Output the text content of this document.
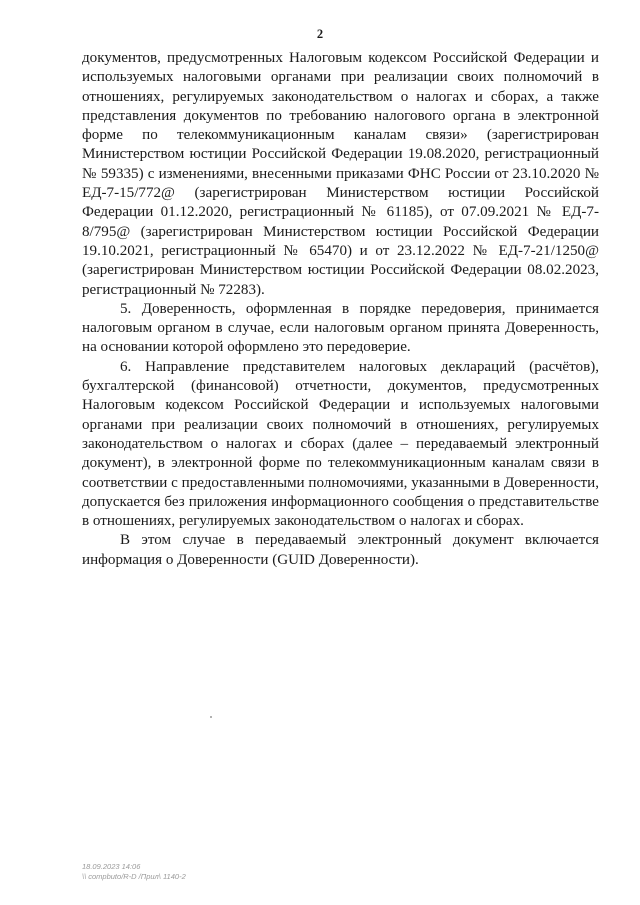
2

документов, предусмотренных Налоговым кодексом Российской Федерации и используемых налоговыми органами при реализации своих полномочий в отношениях, регулируемых законодательством о налогах и сборах, а также представления документов по требованию налогового органа в электронной форме по телекоммуникационным каналам связи» (зарегистрирован Министерством юстиции Российской Федерации 19.08.2020, регистрационный № 59335) с изменениями, внесенными приказами ФНС России от 23.10.2020 № ЕД-7-15/772@ (зарегистрирован Министерством юстиции Российской Федерации 01.12.2020, регистрационный № 61185), от 07.09.2021 № ЕД-7-8/795@ (зарегистрирован Министерством юстиции Российской Федерации 19.10.2021, регистрационный № 65470) и от 23.12.2022 № ЕД-7-21/1250@ (зарегистрирован Министерством юстиции Российской Федерации 08.02.2023, регистрационный № 72283).

5. Доверенность, оформленная в порядке передоверия, принимается налоговым органом в случае, если налоговым органом принята Доверенность, на основании которой оформлено это передоверие.

6. Направление представителем налоговых деклараций (расчётов), бухгалтерской (финансовой) отчетности, документов, предусмотренных Налоговым кодексом Российской Федерации и используемых налоговыми органами при реализации своих полномочий в отношениях, регулируемых законодательством о налогах и сборах (далее – передаваемый электронный документ), в электронной форме по телекоммуникационным каналам связи в соответствии с предоставленными полномочиями, указанными в Доверенности, допускается без приложения информационного сообщения о представительстве в отношениях, регулируемых законодательством о налогах и сборах.

В этом случае в передаваемый электронный документ включается информация о Доверенности (GUID Доверенности).

18.09.2023 14:06
\\ compbuto/R-D /Прил\ 1140-2
